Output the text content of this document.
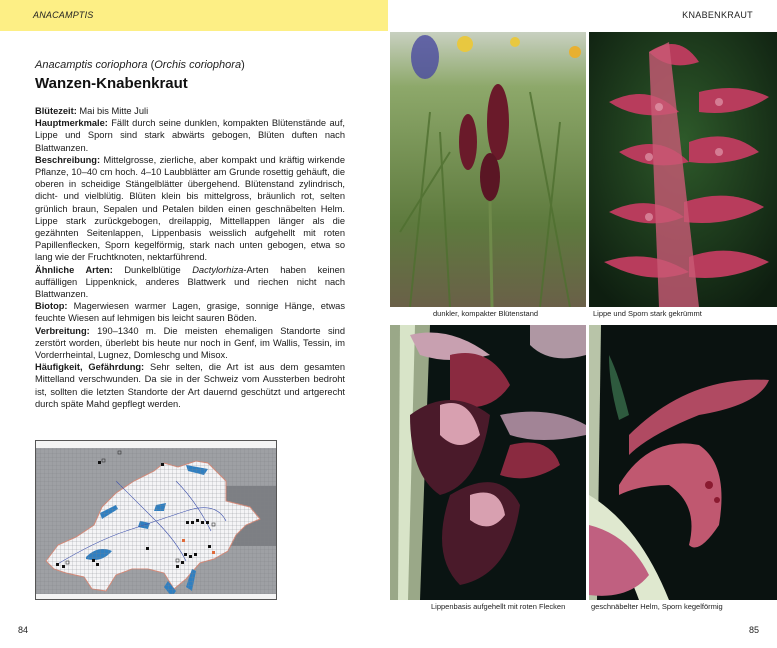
ANACAMPTIS
Anacamptis coriophora (Orchis coriophora)
Wanzen-Knabenkraut

Blütezeit: Mai bis Mitte Juli

Hauptmerkmale: Fällt durch seine dunklen, kompakten Blütenstände auf, Lippe und Sporn sind stark abwärts gebogen, Blüten duften nach Blattwanzen.

Beschreibung: Mittelgrosse, zierliche, aber kompakt und kräftig wirkende Pflanze, 10–40 cm hoch. 4–10 Laubblätter am Grunde rosettig gehäuft, die oberen in scheidige Stängelblätter übergehend. Blütenstand zylindrisch, dicht- und vielblütig. Blüten klein bis mittelgross, bräunlich rot, selten grünlich braun, Sepalen und Petalen bilden einen geschnäbelten Helm. Lippe stark zurückgebogen, dreilappig, Mittellappen länger als die gezähnten Seitenlappen, Lippenbasis weisslich aufgehellt mit roten Papillenflecken, Sporn kegelförmig, stark nach unten gebogen, etwa so lang wie der Fruchtknoten, nektarführend.

Ähnliche Arten: Dunkelblütige Dactylorhiza-Arten haben keinen auffälligen Lippenknick, anderes Blattwerk und riechen nicht nach Blattwanzen.

Biotop: Magerwiesen warmer Lagen, grasige, sonnige Hänge, etwas feuchte Wiesen auf lehmigen bis leicht sauren Böden.

Verbreitung: 190–1340 m. Die meisten ehemaligen Standorte sind zerstört worden, überlebt bis heute nur noch in Genf, im Wallis, Tessin, im Vorderrheintal, Lugnez, Domleschg und Misox.

Häufigkeit, Gefährdung: Sehr selten, die Art ist aus dem gesamten Mittelland verschwunden. Da sie in der Schweiz vom Aussterben bedroht ist, sollten die letzten Standorte der Art dauernd geschützt und artgerecht durch späte Mahd gepflegt werden.

84
KNABENKRAUT
dunkler, kompakter Blütenstand	Lippe und Sporn stark gekrümmt
Lippenbasis aufgehellt mit roten Flecken	geschnäbelter Helm, Sporn kegelförmig
85
